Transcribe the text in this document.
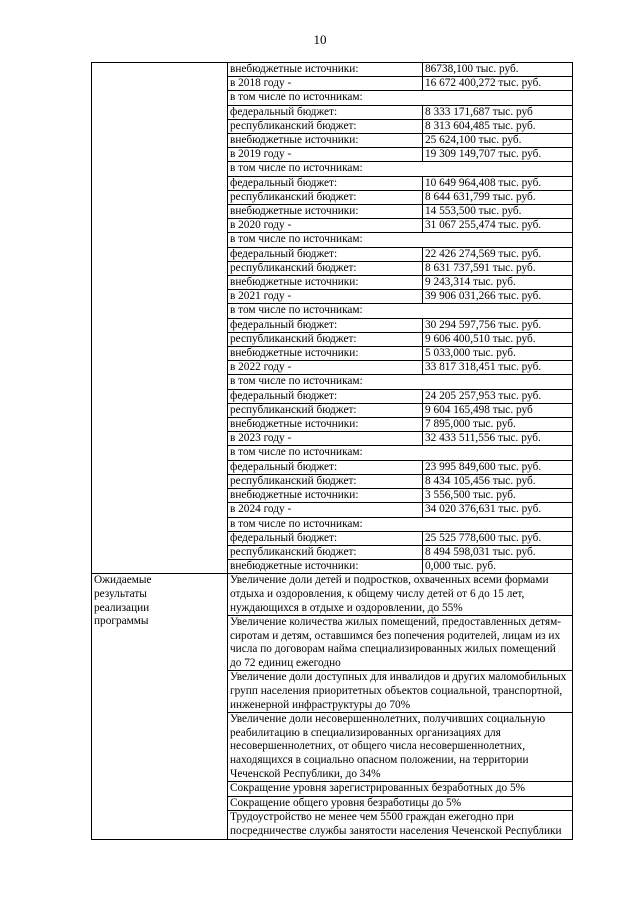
10
	внебюджетные источники:	86738,100 тыс. руб.
	в 2018 году -	16 672 400,272 тыс. руб.
	в том числе по источникам:	
	федеральный бюджет:	8 333 171,687 тыс. руб
	республиканский бюджет:	8 313 604,485 тыс. руб.
	внебюджетные источники:	25 624,100 тыс. руб.
	в 2019 году -	19 309 149,707 тыс. руб.
	в том числе по источникам:	
	федеральный бюджет:	10 649 964,408 тыс. руб.
	республиканский бюджет:	8 644 631,799 тыс. руб.
	внебюджетные источники:	14 553,500 тыс. руб.
	в 2020 году -	31 067 255,474 тыс. руб.
	в том числе по источникам:	
	федеральный бюджет:	22 426 274,569 тыс. руб.
	республиканский бюджет:	8 631 737,591 тыс. руб.
	внебюджетные источники:	9 243,314 тыс. руб.
	в 2021 году -	39 906 031,266 тыс. руб.
	в том числе по источникам:	
	федеральный бюджет:	30 294 597,756 тыс. руб.
	республиканский бюджет:	9 606 400,510 тыс. руб.
	внебюджетные источники:	5 033,000 тыс. руб.
	в 2022 году -	33 817 318,451 тыс. руб.
	в том числе по источникам:	
	федеральный бюджет:	24 205 257,953 тыс. руб.
	республиканский бюджет:	9 604 165,498 тыс. руб
	внебюджетные источники:	7 895,000 тыс. руб.
	в 2023 году -	32 433 511,556 тыс. руб.
	в том числе по источникам:	
	федеральный бюджет:	23 995 849,600 тыс. руб.
	республиканский бюджет:	8 434 105,456 тыс. руб.
	внебюджетные источники:	3 556,500 тыс. руб.
	в 2024 году -	34 020 376,631 тыс. руб.
	в том числе по источникам:	
	федеральный бюджет:	25 525 778,600 тыс. руб.
	республиканский бюджет:	8 494 598,031 тыс. руб.
	внебюджетные источники:	0,000 тыс. руб.
Ожидаемые результаты реализации программы	Увеличение доли детей и подростков, охваченных всеми формами отдыха и оздоровления, к общему числу детей от 6 до 15 лет, нуждающихся в отдыхе и оздоровлении, до 55%	
	Увеличение количества жилых помещений, предоставленных детям-сиротам и детям, оставшимся без попечения родителей, лицам из их числа по договорам найма специализированных жилых помещений до 72 единиц ежегодно	
	Увеличение доли доступных для инвалидов и других маломобильных групп населения приоритетных объектов социальной, транспортной, инженерной инфраструктуры до 70%	
	Увеличение доли несовершеннолетних, получивших социальную реабилитацию в специализированных организациях для несовершеннолетних, от общего числа несовершеннолетних, находящихся в социально опасном положении, на территории Чеченской Республики, до 34%	
	Сокращение уровня зарегистрированных безработных до 5%	
	Сокращение общего уровня безработицы до 5%	
	Трудоустройство не менее чем 5500 граждан ежегодно при посредничестве службы занятости населения Чеченской Республики	
